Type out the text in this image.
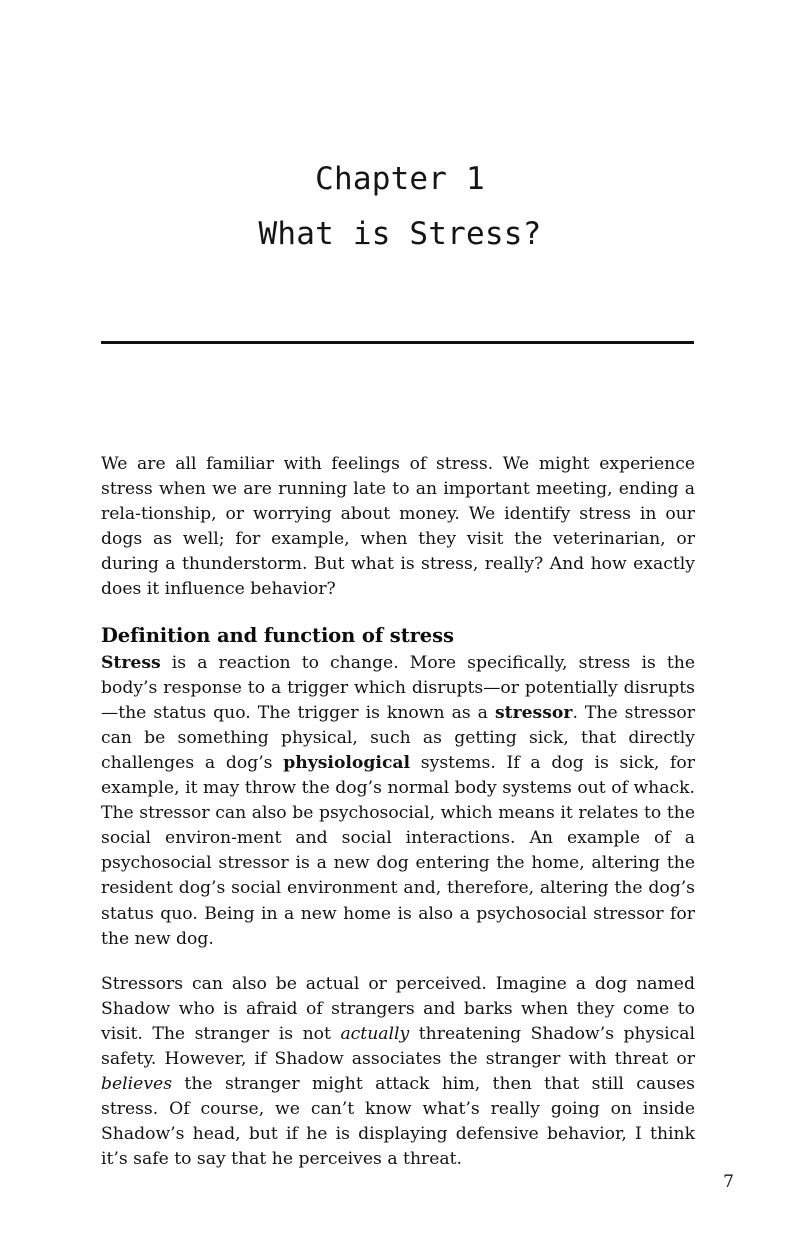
Chapter 1
What is Stress?

We are all familiar with feelings of stress. We might experience stress when we are running late to an important meeting, ending a rela‐tionship, or worrying about money. We identify stress in our dogs as well; for example, when they visit the veterinarian, or during a thunderstorm. But what is stress, really? And how exactly does it influence behavior?

Definition and function of stress

Stress is a reaction to change. More specifically, stress is the body’s response to a trigger which disrupts—or potentially disrupts—the status quo. The trigger is known as a stressor. The stressor can be something physical, such as getting sick, that directly challenges a dog’s physiological systems. If a dog is sick, for example, it may throw the dog’s normal body systems out of whack. The stressor can also be psychosocial, which means it relates to the social environ‐ment and social interactions. An example of a psychosocial stressor is a new dog entering the home, altering the resident dog’s social environment and, therefore, altering the dog’s status quo. Being in a new home is also a psychosocial stressor for the new dog.

Stressors can also be actual or perceived. Imagine a dog named Shadow who is afraid of strangers and barks when they come to visit. The stranger is not actually threatening Shadow’s physical safety. However, if Shadow associates the stranger with threat or believes the stranger might attack him, then that still causes stress. Of course, we can’t know what’s really going on inside Shadow’s head, but if he is displaying defensive behavior, I think it’s safe to say that he perceives a threat.

7
